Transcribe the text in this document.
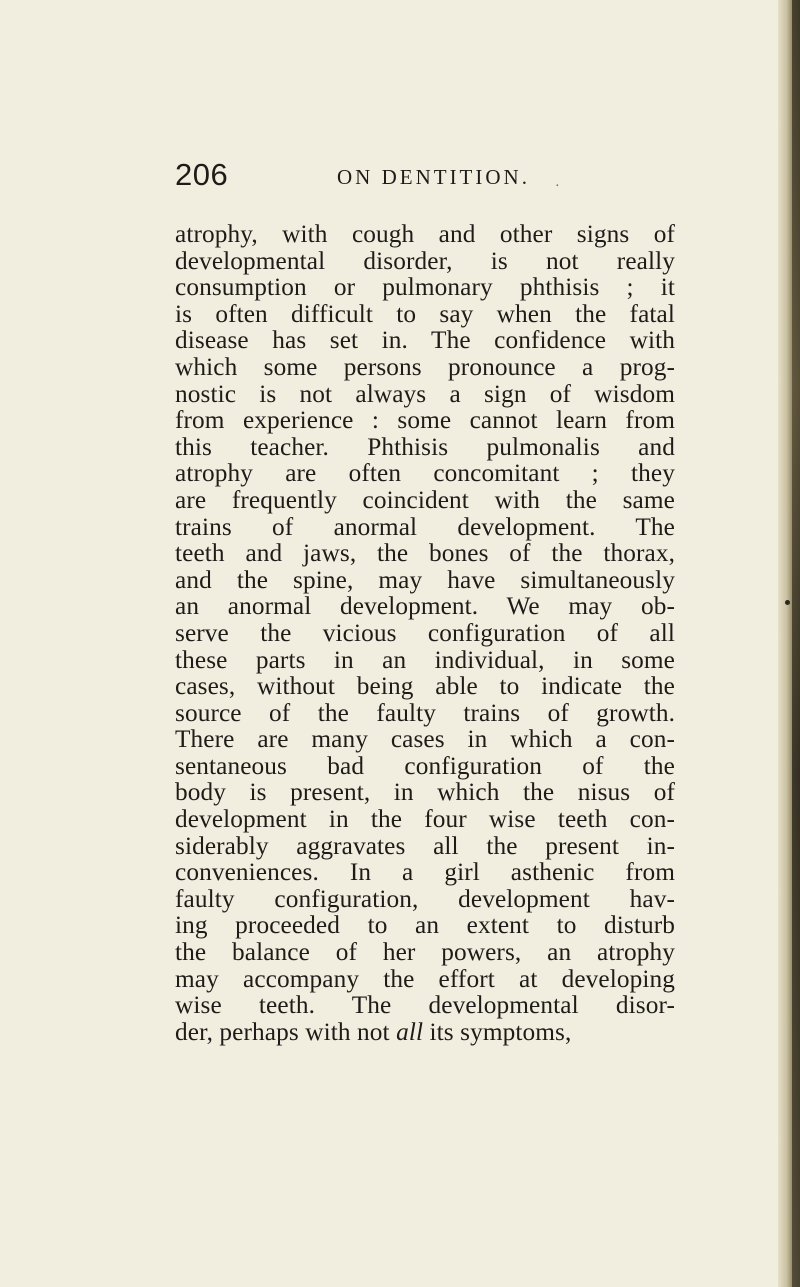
206	ON DENTITION. ·
atrophy, with cough and other signs of
developmental disorder, is not really
consumption or pulmonary phthisis ; it
is often difficult to say when the fatal
disease has set in. The confidence with
which some persons pronounce a prog-
nostic is not always a sign of wisdom
from experience : some cannot learn from
this teacher. Phthisis pulmonalis and
atrophy are often concomitant ; they
are frequently coincident with the same
trains of anormal development. The
teeth and jaws, the bones of the thorax,
and the spine, may have simultaneously
an anormal development. We may ob-
serve the vicious configuration of all
these parts in an individual, in some
cases, without being able to indicate the
source of the faulty trains of growth.
There are many cases in which a con-
sentaneous bad configuration of the
body is present, in which the nisus of
development in the four wise teeth con-
siderably aggravates all the present in-
conveniences. In a girl asthenic from
faulty configuration, development hav-
ing proceeded to an extent to disturb
the balance of her powers, an atrophy
may accompany the effort at developing
wise teeth. The developmental disor-
der, perhaps with not all its symptoms,
